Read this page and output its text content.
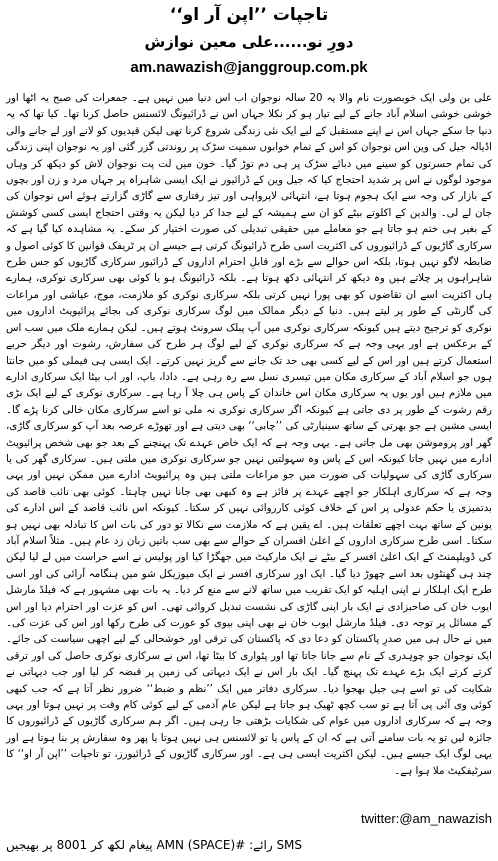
تاجپات ’’اپن آر او‘‘
دورِ نو......علی معین نوازش
am.nawazish@janggroup.com.pk

علی بن ولی ایک خوبصورت نام والا یہ 20 سالہ نوجوان اب اس دنیا میں نہیں ہے۔ جمعرات کی صبح یہ اٹھا اور خوشی خوشی اسلام آباد جانے کے لیے تیار ہو کر نکلا جہاں اس نے ڈرائیونگ لائسنس حاصل کرنا تھا۔ کیا تھا کہ یہ دنیا جا سکے جہاں اس نے اپنے مستقبل کے لیے ایک نئی زندگی شروع کرنا تھی لیکن قیدیوں کو لانے اور لے جانے والی اڈیالہ جیل کی وین اس نوجوان کو اس کے تمام خوابوں سمیت سڑک پر روندتی گزر گئی اور یہ نوجوان اپنی زندگی کی تمام حسرتوں کو سینے میں دبائے سڑک پر ہی دم توڑ گیا۔ خون میں لت پت نوجوان لاش کو دیکھ کر وہاں موجود لوگوں نے اس پر شدید احتجاج کیا کہ جیل وین کے ڈرائیور نے ایک ایسی شاہراہ پر جہاں مرد و زن اور بچوں کے بازار کی وجہ سے ایک ہجوم ہوتا ہے، انتہائی لاپرواہی اور تیز رفتاری سے گاڑی گزارتے ہوئے اس نوجوان کی جان لے لی۔ والدین کے اکلوتے بیٹے کو ان سے ہمیشہ کے لیے جدا کر دیا لیکن یہ وقتی احتجاج ایسی کسی کوشش کے بغیر ہی ختم ہو جاتا ہے جو معاملے میں حقیقی تبدیلی کی صورت اختیار کر سکے۔ یہ مشاہدہ کیا گیا ہے کہ سرکاری گاڑیوں کے ڈرائیوروں کی اکثریت اسی طرح ڈرائیونگ کرتی ہے جیسے ان پر ٹریفک قوانین کا کوئی اصول و ضابطہ لاگو نہیں ہوتا، بلکہ اس حوالے سے بڑے اور قابلِ احترام اداروں کے ڈرائیور سرکاری گاڑیوں کو جس طرح شاہراہوں پر چلاتے ہیں وہ دیکھ کر انتہائی دکھ ہوتا ہے۔ بلکہ ڈرائیونگ ہو یا کوئی بھی سرکاری نوکری، ہمارے ہاں اکثریت اسے ان تقاضوں کو بھی پورا نہیں کرتی بلکہ سرکاری نوکری کو ملازمت، موج، عیاشی اور مراعات کی گارنٹی کے طور پر لیتے ہیں۔ دنیا کے دیگر ممالک میں لوگ سرکاری نوکری کی بجائے پرائیویٹ اداروں میں نوکری کو ترجیح دیتے ہیں کیونکہ سرکاری نوکری میں آپ پبلک سرونٹ ہوتے ہیں۔ لیکن ہمارے ملک میں سب اس کے برعکس ہے اور یہی وجہ ہے کہ سرکاری نوکری کے لیے لوگ ہر طرح کی سفارش، رشوت اور دیگر حربے استعمال کرتے ہیں اور اس کے لیے کسی بھی حد تک جانے سے گریز نہیں کرتے۔ ایک ایسی ہی فیملی کو میں جانتا ہوں جو اسلام آباد کے سرکاری مکان میں تیسری نسل سے رہ رہی ہے۔ دادا، باپ، اور اب بیٹا ایک سرکاری ادارے میں ملازم ہیں اور یوں یہ سرکاری مکان اس خاندان کے پاس ہی چلا آ رہا ہے۔ سرکاری نوکری کے لیے ایک بڑی رقم رشوت کے طور پر دی جاتی ہے کیونکہ اگر سرکاری نوکری نہ ملی تو اسے سرکاری مکان خالی کرنا پڑے گا۔ ایسی مشین ہے جو بھرتی کے ساتھ سینیارٹی کی ’’چابی‘‘ بھی دیتی ہے اور تھوڑے عرصہ بعد آپ کو سرکاری گاڑی، گھر اور پروموشن بھی مل جاتی ہے۔ یہی وجہ ہے کہ ایک خاص عہدے تک پہنچنے کے بعد جو بھی شخص پرائیویٹ ادارے میں نہیں جاتا کیونکہ اس کے پاس وہ سہولتیں نہیں جو سرکاری نوکری میں ملتی ہیں۔ سرکاری گھر کی یا سرکاری گاڑی کی سہولیات کی صورت میں جو مراعات ملتی ہیں وہ پرائیویٹ ادارے میں ممکن نہیں اور یہی وجہ ہے کہ سرکاری اہلکار جو اچھے عہدے پر فائز ہے وہ کبھی بھی جانا نہیں چاہتا۔ کوئی بھی نائب قاصد کی بدتمیزی یا حکم عدولی پر اس کے خلاف کوئی کارروائی نہیں کر سکتا۔ کیونکہ اس نائب قاصد کے اس ادارے کی یونین کے ساتھ بہت اچھے تعلقات ہیں۔ اے یقین ہے کہ ملازمت سے نکالا تو دور کی بات اس کا تبادلہ بھی نہیں ہو سکتا۔ اسی طرح سرکاری اداروں کے اعلیٰ افسران کے حوالے سے بھی سب باتیں زبان زد عام ہیں۔ مثلاً اسلام آباد کی ڈویلپمنٹ کے ایک اعلیٰ افسر کے بیٹے نے ایک مارکیٹ میں جھگڑا کیا اور پولیس نے اسے حراست میں لے لیا لیکن چند ہی گھنٹوں بعد اسے چھوڑ دیا گیا۔ ایک اور سرکاری افسر نے ایک میوزیکل شو میں ہنگامہ آرائی کی اور اسی طرح ایک اہلکار نے اپنی اہلیہ کو ایک تقریب میں ساتھ لانے سے منع کر دیا۔ یہ بات بھی مشہور ہے کہ فیلڈ مارشل ایوب خان کی صاحبزادی نے ایک بار اپنی گاڑی کی نشست تبدیل کروائی تھی۔ اس کو عزت اور احترام دیا اور اس کے مسائل پر توجہ دی۔ فیلڈ مارشل ایوب خان نے بھی اپنی بیوی کو عورت کی طرح رکھا اور اس کی عزت کی۔ میں نے حال ہی میں صدرِ پاکستان کو دعا دی کہ پاکستان کی ترقی اور خوشحالی کے لیے اچھی سیاست کی جائے۔ ایک نوجوان جو چوہدری کے نام سے جانا جاتا تھا اور پٹواری کا بیٹا تھا، اس نے سرکاری نوکری حاصل کی اور ترقی کرتے کرتے ایک بڑے عہدے تک پہنچ گیا۔ ایک بار اس نے ایک دیہاتی کی زمین پر قبضہ کر لیا اور جب دیہاتی نے شکایت کی تو اسے ہی جیل بھجوا دیا۔ سرکاری دفاتر میں ایک ’’نظم و ضبط‘‘ ضرور نظر آتا ہے کہ جب کبھی کوئی وی آئی پی آتا ہے تو سب کچھ ٹھیک ہو جاتا ہے لیکن عام آدمی کے لیے کوئی کام وقت پر نہیں ہوتا اور یہی وجہ ہے کہ سرکاری اداروں میں عوام کی شکایات بڑھتی جا رہی ہیں۔ اگر ہم سرکاری گاڑیوں کے ڈرائیوروں کا جائزہ لیں تو یہ بات سامنے آتی ہے کہ ان کے پاس یا تو لائسنس ہی نہیں ہوتا یا پھر وہ سفارش پر بنا ہوتا ہے اور یہی لوگ ایک جیسے ہیں۔ لیکن اکثریت ایسی ہی ہے۔ اور سرکاری گاڑیوں کے ڈرائیورز، تو تاجپات ’’اپن آر او‘‘ کا سرٹیفکیٹ ملا ہوا ہے۔

twitter:@am_nawazish
SMS رائے: #AMN (SPACE) پیغام لکھ کر 8001 پر بھیجیں
